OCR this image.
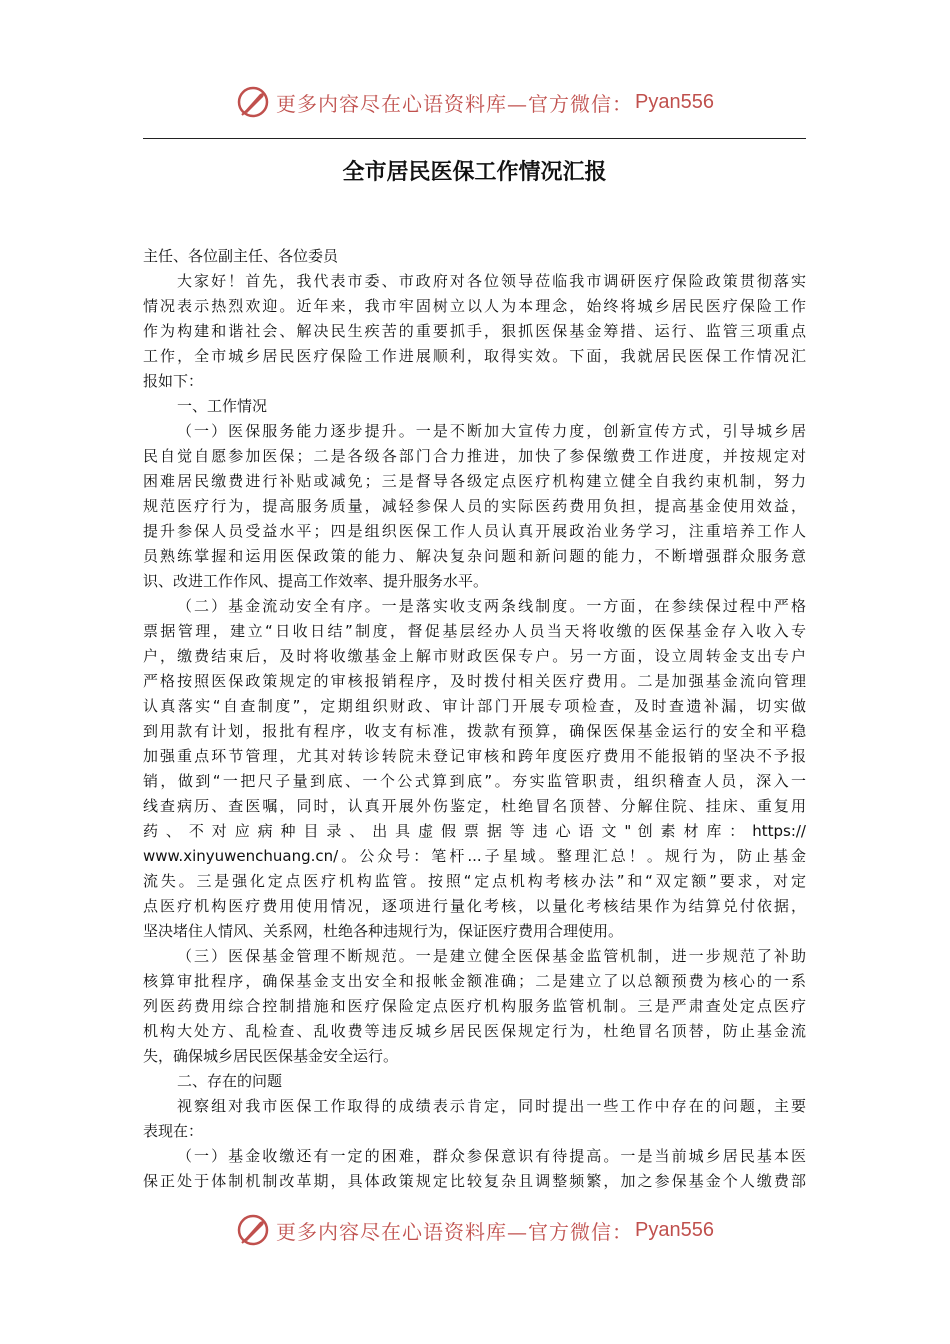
更多内容尽在心语资料库—官方微信： Pyan556
全市居民医保工作情况汇报
主任、各位副主任、各位委员
大家好！首先，我代表市委、市政府对各位领导莅临我市调研医疗保险政策贯彻落实
情况表示热烈欢迎。近年来，我市牢固树立以人为本理念，始终将城乡居民医疗保险工作
作为构建和谐社会、解决民生疾苦的重要抓手，狠抓医保基金筹措、运行、监管三项重点
工作，全市城乡居民医疗保险工作进展顺利，取得实效。下面，我就居民医保工作情况汇
报如下：
一、工作情况
（一）医保服务能力逐步提升。一是不断加大宣传力度，创新宣传方式，引导城乡居
民自觉自愿参加医保；二是各级各部门合力推进，加快了参保缴费工作进度，并按规定对
困难居民缴费进行补贴或减免；三是督导各级定点医疗机构建立健全自我约束机制，努力
规范医疗行为，提高服务质量，减轻参保人员的实际医药费用负担，提高基金使用效益，
提升参保人员受益水平；四是组织医保工作人员认真开展政治业务学习，注重培养工作人
员熟练掌握和运用医保政策的能力、解决复杂问题和新问题的能力，不断增强群众服务意
识、改进工作作风、提高工作效率、提升服务水平。
（二）基金流动安全有序。一是落实收支两条线制度。一方面，在参续保过程中严格
票据管理，建立“日收日结”制度，督促基层经办人员当天将收缴的医保基金存入收入专
户，缴费结束后，及时将收缴基金上解市财政医保专户。另一方面，设立周转金支出专户
严格按照医保政策规定的审核报销程序，及时拨付相关医疗费用。二是加强基金流向管理
认真落实“自查制度”，定期组织财政、审计部门开展专项检查，及时查遗补漏，切实做
到用款有计划，报批有程序，收支有标准，拨款有预算，确保医保基金运行的安全和平稳
加强重点环节管理，尤其对转诊转院未登记审核和跨年度医疗费用不能报销的坚决不予报
销，做到“一把尺子量到底、一个公式算到底”。夯实监管职责，组织稽查人员，深入一
线查病历、查医嘱，同时，认真开展外伤鉴定，杜绝冒名顶替、分解住院、挂床、重复用
药 、 不 对 应 病 种 目 录 、 出 具 虚 假 票 据 等 违 心 语 文 " 创 素 材 库 ： https://
www.xinyuwenchuang.cn/。公众号：笔杆...子星域。整理汇总！。规行为，防止基金
流失。三是强化定点医疗机构监管。按照“定点机构考核办法”和“双定额”要求，对定
点医疗机构医疗费用使用情况，逐项进行量化考核，以量化考核结果作为结算兑付依据，
坚决堵住人情风、关系网，杜绝各种违规行为，保证医疗费用合理使用。
（三）医保基金管理不断规范。一是建立健全医保基金监管机制，进一步规范了补助
核算审批程序，确保基金支出安全和报帐金额准确；二是建立了以总额预费为核心的一系
列医药费用综合控制措施和医疗保险定点医疗机构服务监管机制。三是严肃查处定点医疗
机构大处方、乱检查、乱收费等违反城乡居民医保规定行为，杜绝冒名顶替，防止基金流
失，确保城乡居民医保基金安全运行。
二、存在的问题
视察组对我市医保工作取得的成绩表示肯定，同时提出一些工作中存在的问题，主要
表现在：
（一）基金收缴还有一定的困难，群众参保意识有待提高。一是当前城乡居民基本医
保正处于体制机制改革期，具体政策规定比较复杂且调整频繁，加之参保基金个人缴费部
更多内容尽在心语资料库—官方微信： Pyan556
